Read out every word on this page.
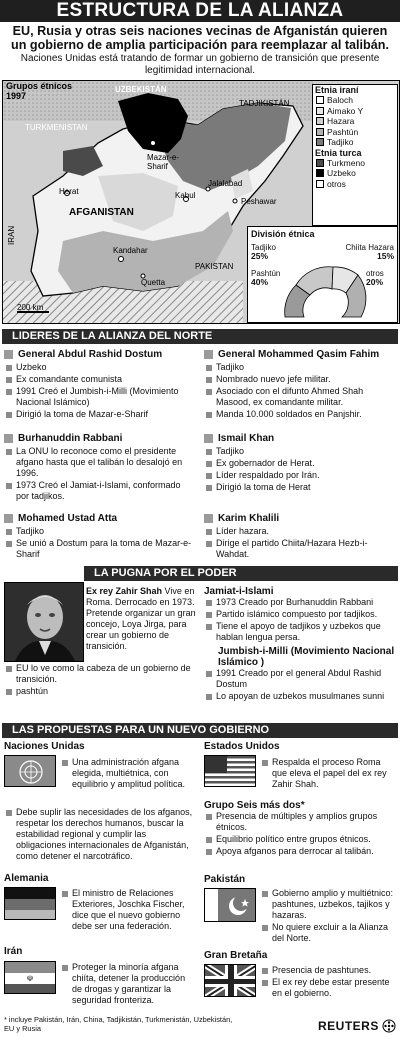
ESTRUCTURA DE LA ALIANZA
EU, Rusia y otras seis naciones vecinas de Afganistán quieren un gobierno de amplia participación para reemplazar al talibán.
Naciones Unidas está tratando de formar un gobierno de transición que presente legitimidad internacional.
Grupos étnicos
1997
UZBEKISTÁN
TADJIKISTÁN
TURKMENISTAN
Mazar-e-
Sharif
Herat
AFGANISTAN
Kabul
Jalalabad
Peshawar
IRAN
Kandahar
PAKISTAN
Quetta
200 km
Etnia iraní
Baloch
Aimako Y
Hazara
Pashtún
Tadjiko
Etnia turca
Turkmeno
Uzbeko
otros
División étnica
Tadjiko
25%
Chiita Hazara
15%
Pashtún
40%
otros
20%
LIDERES DE LA ALIANZA DEL NORTE
General Abdul Rashid Dostum
Uzbeko
Ex comandante comunista
1991 Creó el Jumbish-i-Milli (Movimiento Nacional Islámico)
Dirigió la toma de Mazar-e-Sharif
Burhanuddin Rabbani
La ONU lo reconoce como el presidente afgano hasta que el talibán lo desalojó en 1996.
1973 Creó el Jamiat-i-Islami, conformado por tadjikos.
Mohamed Ustad Atta
Tadjiko
Se unió a Dostum para la toma de Mazar-e-Sharif
General Mohammed Qasim Fahim
Tadjiko
Nombrado nuevo jefe militar.
Asociado con el difunto Ahmed Shah Masood, ex comandante militar.
Manda 10.000 soldados en Panjshir.
Ismail Khan
Tadjiko
Ex gobernador de Herat.
Líder respaldado por Irán.
Dirigió la toma de Herat
Karim Khalili
Líder hazara.
Dirige el partido Chiita/Hazara Hezb-i-Wahdat.
LA PUGNA POR EL PODER
Ex rey Zahir Shah Vive en Roma. Derrocado en 1973. Pretende organizar un gran concejo, Loya Jirga, para crear un gobierno de transición.
EU lo ve como la cabeza de un gobierno de transición.
pashtún
Jamiat-i-Islami
1973 Creado por Burhanuddin Rabbani
Partido islámico compuesto por tadjikos.
Tiene el apoyo de tadjikos y uzbekos que hablan lengua persa.
Jumbish-i-Milli (Movimiento Nacional Islámico )
1991 Creado por el general Abdul Rashid Dostum
Lo apoyan de uzbekos musulmanes sunni
LAS PROPUESTAS PARA UN NUEVO GOBIERNO
Naciones Unidas
Una administración afgana elegida, multiétnica, con equilibrio y amplitud política.
Debe suplir las necesidades de los afganos, respetar los derechos humanos, buscar la estabilidad regional y cumplir las obligaciones internacionales de Afganistán, como detener el narcotráfico.
Alemania
El ministro de Relaciones Exteriores, Joschka Fischer, dice que el nuevo gobierno debe ser una federación.
Irán
☫
Proteger la minoría afgana chiíta, detener la producción de drogas y garantizar la seguridad fronteriza.
Estados Unidos
Respalda el proceso Roma que eleva el papel del ex rey Zahir Shah.
Grupo Seis más dos*
Presencia de múltiples y amplios grupos étnicos.
Equilibrio político entre grupos étnicos.
Apoya afganos para derrocar al talibán.
Pakistán
Gobierno amplio y multiétnico: pashtunes, uzbekos, tajikos y hazaras.
No quiere excluir a la Alianza del Norte.
Gran Bretaña
Presencia de pashtunes.
El ex rey debe estar presente en el gobierno.
* incluye Pakistán, Irán, China, Tadjikistán, Turkmenistán, Uzbekistán, EU y Rusia	REUTERS
